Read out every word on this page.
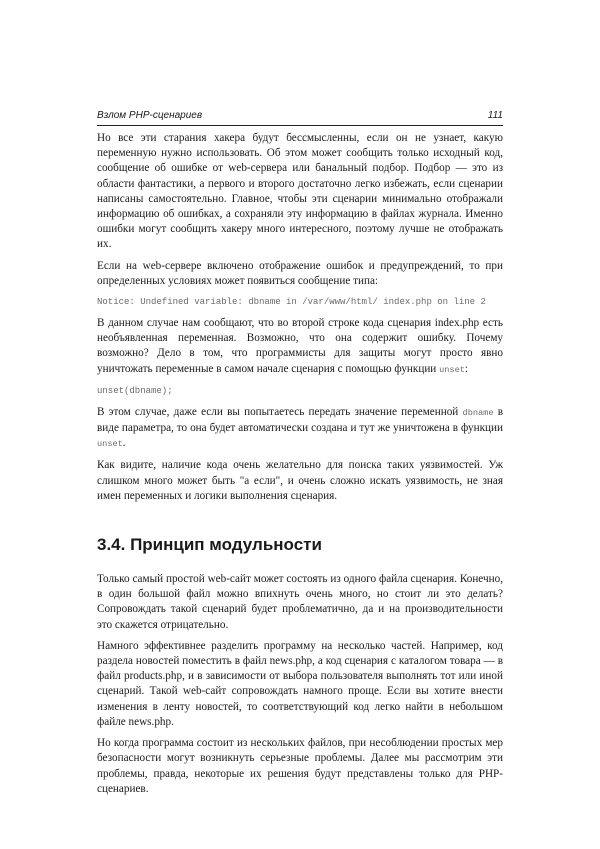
Взлом PHP-сценариев	111

Но все эти старания хакера будут бессмысленны, если он не узнает, какую переменную нужно использовать. Об этом может сообщить только исходный код, сообщение об ошибке от web-сервера или банальный подбор. Подбор — это из области фантастики, а первого и второго достаточно легко избежать, если сценарии написаны самостоятельно. Главное, чтобы эти сценарии минимально отображали информацию об ошибках, а сохраняли эту информацию в файлах журнала. Именно ошибки могут сообщить хакеру много интересного, поэтому лучше не отображать их.

Если на web-сервере включено отображение ошибок и предупреждений, то при определенных условиях может появиться сообщение типа:

Notice: Undefined variable: dbname in /var/www/html/ index.php on line 2

В данном случае нам сообщают, что во второй строке кода сценария index.php есть необъявленная переменная. Возможно, что она содержит ошибку. Почему возможно? Дело в том, что программисты для защиты могут просто явно уничтожать переменные в самом начале сценария с помощью функции unset:

unset(dbname);

В этом случае, даже если вы попытаетесь передать значение переменной dbname в виде параметра, то она будет автоматически создана и тут же уничтожена в функции unset.

Как видите, наличие кода очень желательно для поиска таких уязвимостей. Уж слишком много может быть "а если", и очень сложно искать уязвимость, не зная имен переменных и логики выполнения сценария.

3.4. Принцип модульности

Только самый простой web-сайт может состоять из одного файла сценария. Конечно, в один большой файл можно впихнуть очень много, но стоит ли это делать? Сопровождать такой сценарий будет проблематично, да и на производительности это скажется отрицательно.

Намного эффективнее разделить программу на несколько частей. Например, код раздела новостей поместить в файл news.php, а код сценария с каталогом товара — в файл products.php, и в зависимости от выбора пользователя выполнять тот или иной сценарий. Такой web-сайт сопровождать намного проще. Если вы хотите внести изменения в ленту новостей, то соответствующий код легко найти в небольшом файле news.php.

Но когда программа состоит из нескольких файлов, при несоблюдении простых мер безопасности могут возникнуть серьезные проблемы. Далее мы рассмотрим эти проблемы, правда, некоторые их решения будут представлены только для PHP-сценариев.
